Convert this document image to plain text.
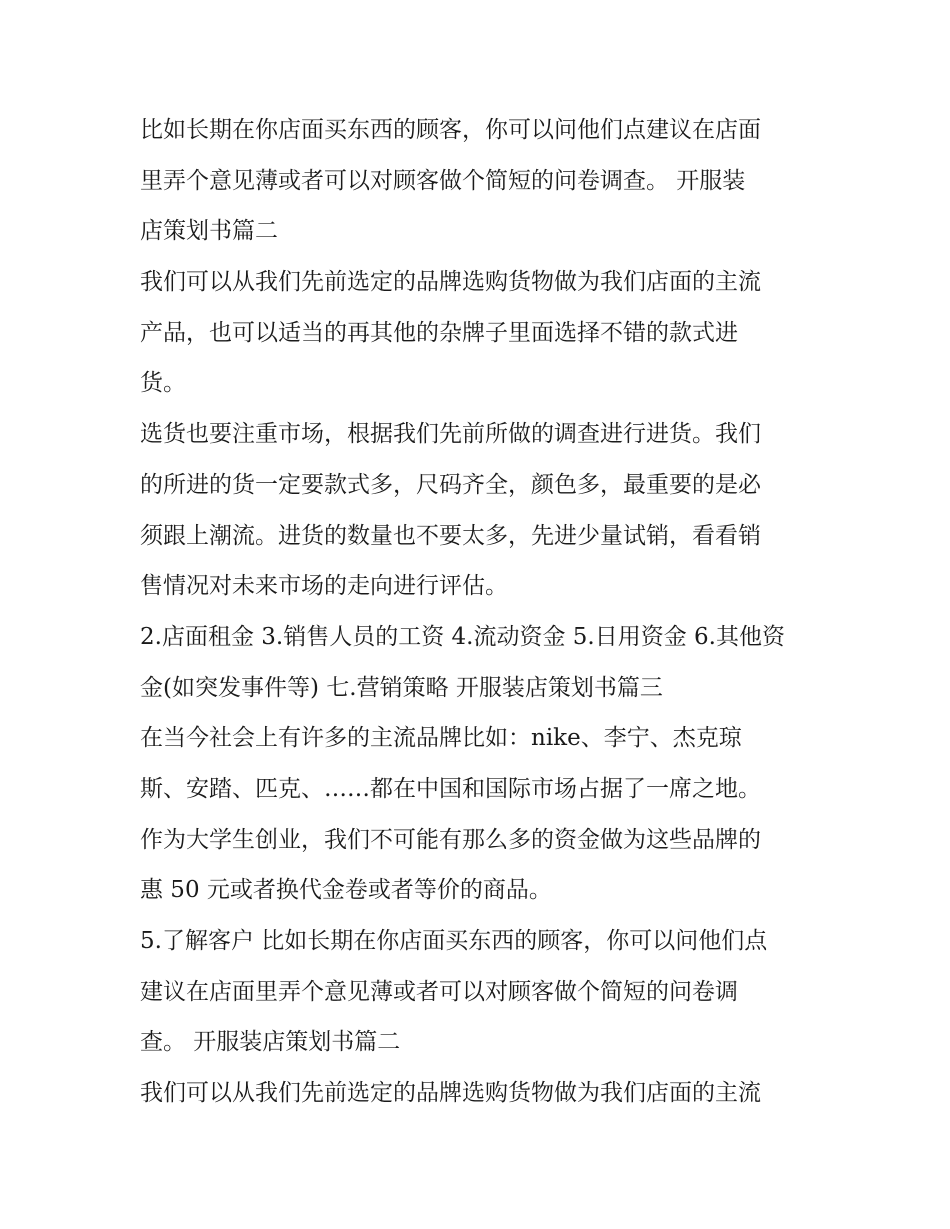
比如长期在你店面买东西的顾客，你可以问他们点建议在店面
里弄个意见薄或者可以对顾客做个简短的问卷调查。 开服装
店策划书篇二
我们可以从我们先前选定的品牌选购货物做为我们店面的主流
产品，也可以适当的再其他的杂牌子里面选择不错的款式进
货。
选货也要注重市场，根据我们先前所做的调查进行进货。我们
的所进的货一定要款式多，尺码齐全，颜色多，最重要的是必
须跟上潮流。进货的数量也不要太多，先进少量试销，看看销
售情况对未来市场的走向进行评估。
2.店面租金 3.销售人员的工资 4.流动资金 5.日用资金 6.其他资
金(如突发事件等) 七.营销策略 开服装店策划书篇三
在当今社会上有许多的主流品牌比如：nike、李宁、杰克琼
斯、安踏、匹克、……都在中国和国际市场占据了一席之地。
作为大学生创业，我们不可能有那么多的资金做为这些品牌的
惠 50 元或者换代金卷或者等价的商品。
5.了解客户 比如长期在你店面买东西的顾客，你可以问他们点
建议在店面里弄个意见薄或者可以对顾客做个简短的问卷调
查。 开服装店策划书篇二
我们可以从我们先前选定的品牌选购货物做为我们店面的主流
